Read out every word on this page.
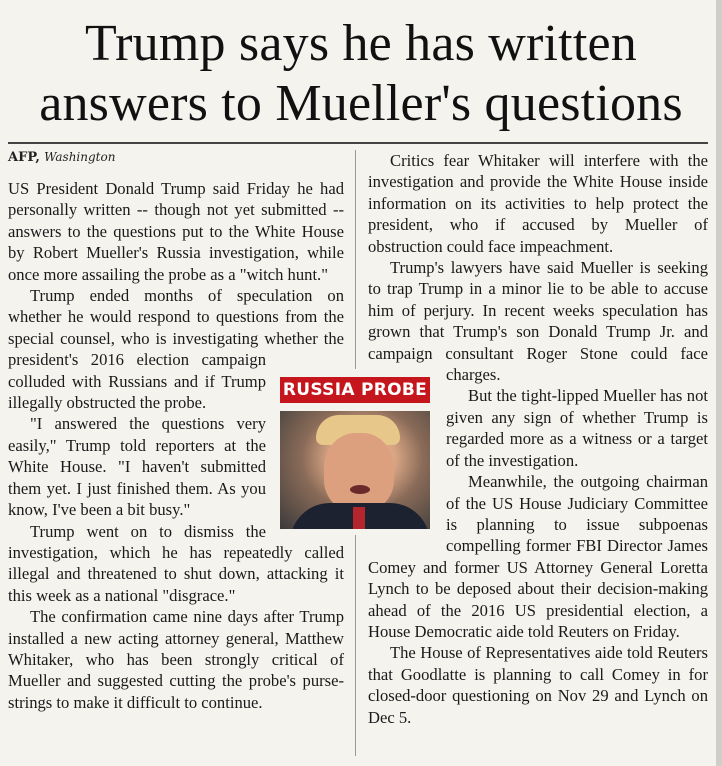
Trump says he has written
answers to Mueller's questions
AFP, Washington

US President Donald Trump said Friday he had personally written -- though not yet submitted -- answers to the questions put to the White House by Robert Mueller's Russia investigation, while once more assailing the probe as a "witch hunt."

Trump ended months of speculation on whether he would respond to questions from the special counsel, who is investigating whether the president's 2016 election campaign colluded with Russians and if Trump illegally obstructed the probe.

"I answered the questions very easily," Trump told reporters at the White House. "I haven't submitted them yet. I just finished them. As you know, I've been a bit busy."

Trump went on to dismiss the investigation, which he has repeatedly called illegal and threatened to shut down, attacking it this week as a national "disgrace."

The confirmation came nine days after Trump installed a new acting attorney general, Matthew Whitaker, who has been strongly critical of Mueller and suggested cutting the probe's purse-strings to make it difficult to continue.

Critics fear Whitaker will interfere with the investigation and provide the White House inside information on its activities to help protect the president, who if accused by Mueller of obstruction could face impeachment.

Trump's lawyers have said Mueller is seeking to trap Trump in a minor lie to be able to accuse him of perjury. In recent weeks speculation has grown that Trump's son Donald Trump Jr. and campaign consultant Roger Stone could face charges.

But the tight-lipped Mueller has not given any sign of whether Trump is regarded more as a witness or a target of the investigation.

Meanwhile, the outgoing chairman of the US House Judiciary Committee is planning to issue subpoenas compelling former FBI Director James Comey and former US Attorney General Loretta Lynch to be deposed about their decision-making ahead of the 2016 US presidential election, a House Democratic aide told Reuters on Friday.

The House of Representatives aide told Reuters that Goodlatte is planning to call Comey in for closed-door questioning on Nov 29 and Lynch on Dec 5.

RUSSIA PROBE
